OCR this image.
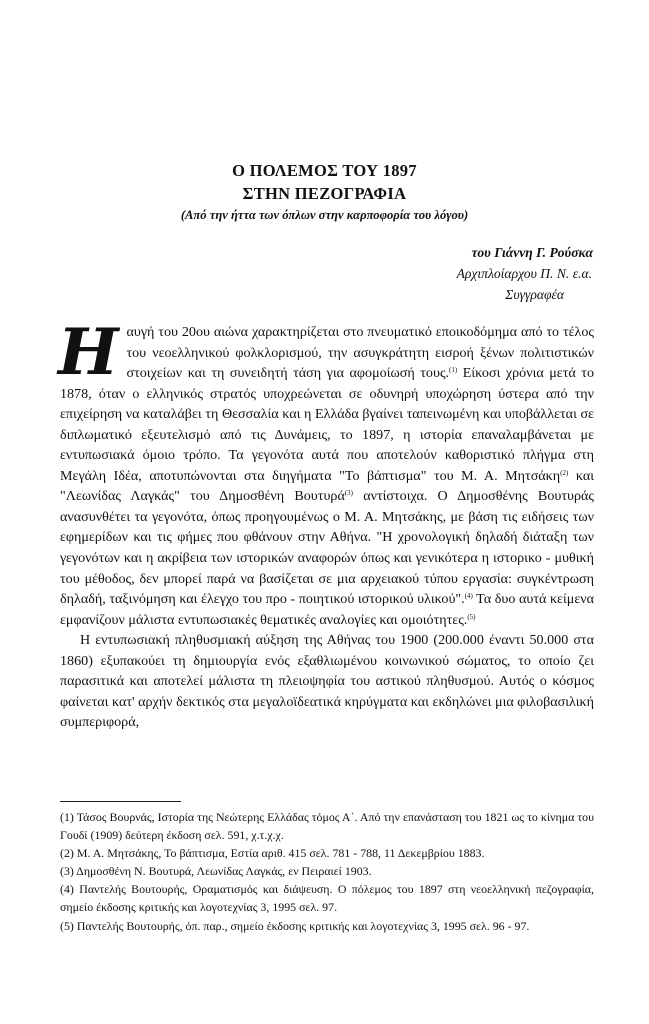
Ο ΠΟΛΕΜΟΣ ΤΟΥ 1897
ΣΤΗΝ ΠΕΖΟΓΡΑΦΙΑ
(Από την ήττα των όπλων στην καρποφορία του λόγου)
του Γιάννη Γ. Ρούσκα
Αρχιπλοίαρχου Π. Ν. ε.α.
Συγγραφέα

Ηαυγή του 20ου αιώνα χαρακτηρίζεται στο πνευματικό εποικοδόμημα από το τέλος του νεοελληνικού φολκλορισμού, την ασυγκράτητη εισροή ξένων πολιτιστικών στοιχείων και τη συνειδητή τάση για αφομοίωσή τους.$^{(1)}$ Είκοσι χρόνια μετά το 1878, όταν ο ελληνικός στρατός υποχρεώνεται σε οδυνηρή υποχώρηση ύστερα από την επιχείρηση να καταλάβει τη Θεσσαλία και η Ελλάδα βγαίνει ταπεινωμένη και υποβάλλεται σε διπλωματικό εξευτελισμό από τις Δυνάμεις, το 1897, η ιστορία επαναλαμβάνεται με εντυπωσιακά όμοιο τρόπο. Τα γεγονότα αυτά που αποτελούν καθοριστικό πλήγμα στη Μεγάλη Ιδέα, αποτυπώνονται στα διηγήματα "Το βάπτισμα" του Μ. Α. Μητσάκη$^{(2)}$ και "Λεωνίδας Λαγκάς" του Δημοσθένη Βουτυρά$^{(3)}$ αντίστοιχα. Ο Δημοσθένης Βουτυράς ανασυνθέτει τα γεγονότα, όπως προηγουμένως ο Μ. Α. Μητσάκης, με βάση τις ειδήσεις των εφημερίδων και τις φήμες που φθάνουν στην Αθήνα. "Η χρονολογική δηλαδή διάταξη των γεγονότων και η ακρίβεια των ιστορικών αναφορών όπως και γενικότερα η ιστορικο - μυθική του μέθοδος, δεν μπορεί παρά να βασίζεται σε μια αρχειακού τύπου εργασία: συγκέντρωση δηλαδή, ταξινόμηση και έλεγχο του προ - ποιητικού ιστορικού υλικού".$^{(4)}$ Τα δυο αυτά κείμενα εμφανίζουν μάλιστα εντυπωσιακές θεματικές αναλογίες και ομοιότητες.$^{(5)}$

Η εντυπωσιακή πληθυσμιακή αύξηση της Αθήνας του 1900 (200.000 έναντι 50.000 στα 1860) εξυπακούει τη δημιουργία ενός εξαθλιωμένου κοινωνικού σώματος, το οποίο ζει παρασιτικά και αποτελεί μάλιστα τη πλειοψηφία του αστικού πληθυσμού. Αυτός ο κόσμος φαίνεται κατ' αρχήν δεκτικός στα μεγαλοϊδεατικά κηρύγματα και εκδηλώνει μια φιλοβασιλική συμπεριφορά,

(1) Τάσος Βουρνάς, Ιστορία της Νεώτερης Ελλάδας τόμος Α΄. Από την επανάσταση του 1821 ως το κίνημα του Γουδί (1909) δεύτερη έκδοση σελ. 591, χ.τ.χ.χ.
(2) Μ. Α. Μητσάκης, Το βάπτισμα, Εστία αριθ. 415 σελ. 781 - 788, 11 Δεκεμβρίου 1883.
(3) Δημοσθένη Ν. Βουτυρά, Λεωνίδας Λαγκάς, εν Πειραιεί 1903.
(4) Παντελής Βουτουρής, Οραματισμός και διάψευση. Ο πόλεμος του 1897 στη νεοελληνική πεζογραφία, σημείο έκδοσης κριτικής και λογοτεχνίας 3, 1995 σελ. 97.
(5) Παντελής Βουτουρής, όπ. παρ., σημείο έκδοσης κριτικής και λογοτεχνίας 3, 1995 σελ. 96 - 97.
